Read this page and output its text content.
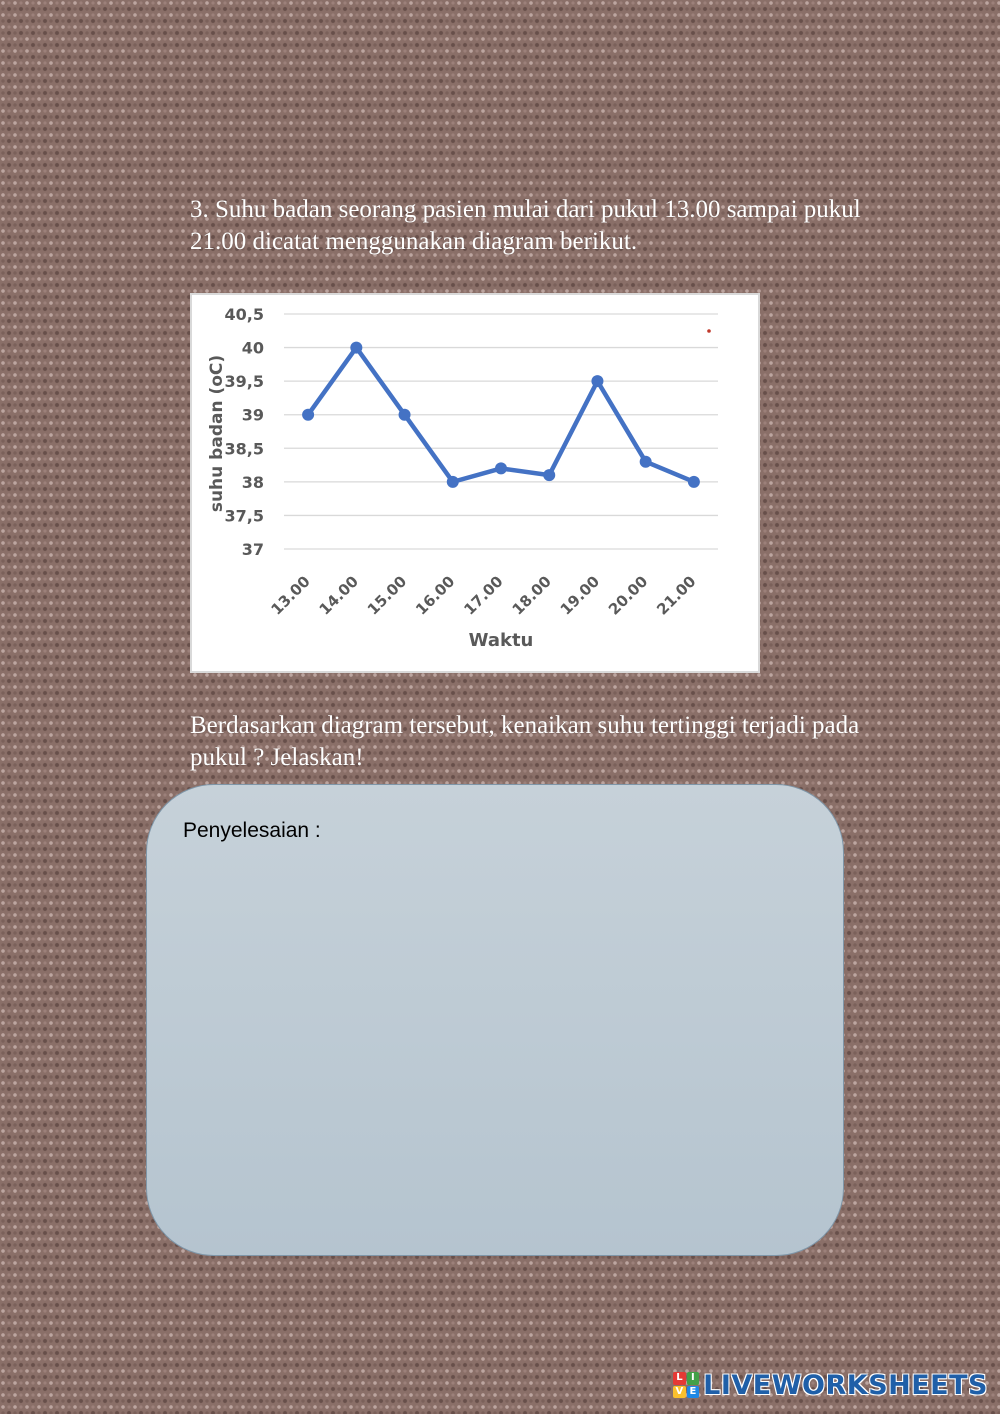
3. Suhu badan seorang pasien mulai dari pukul 13.00 sampai pukul 21.00 dicatat menggunakan diagram berikut.
37
37,5
38
38,5
39
39,5
40
40,5
suhu badan (oC)
13.00 14.00 15.00 16.00 17.00 18.00 19.00 20.00 21.00
Waktu
Berdasarkan diagram tersebut, kenaikan suhu tertinggi terjadi pada pukul ? Jelaskan!
Penyelesaian :
L I
V E LIVEWORKSHEETS
